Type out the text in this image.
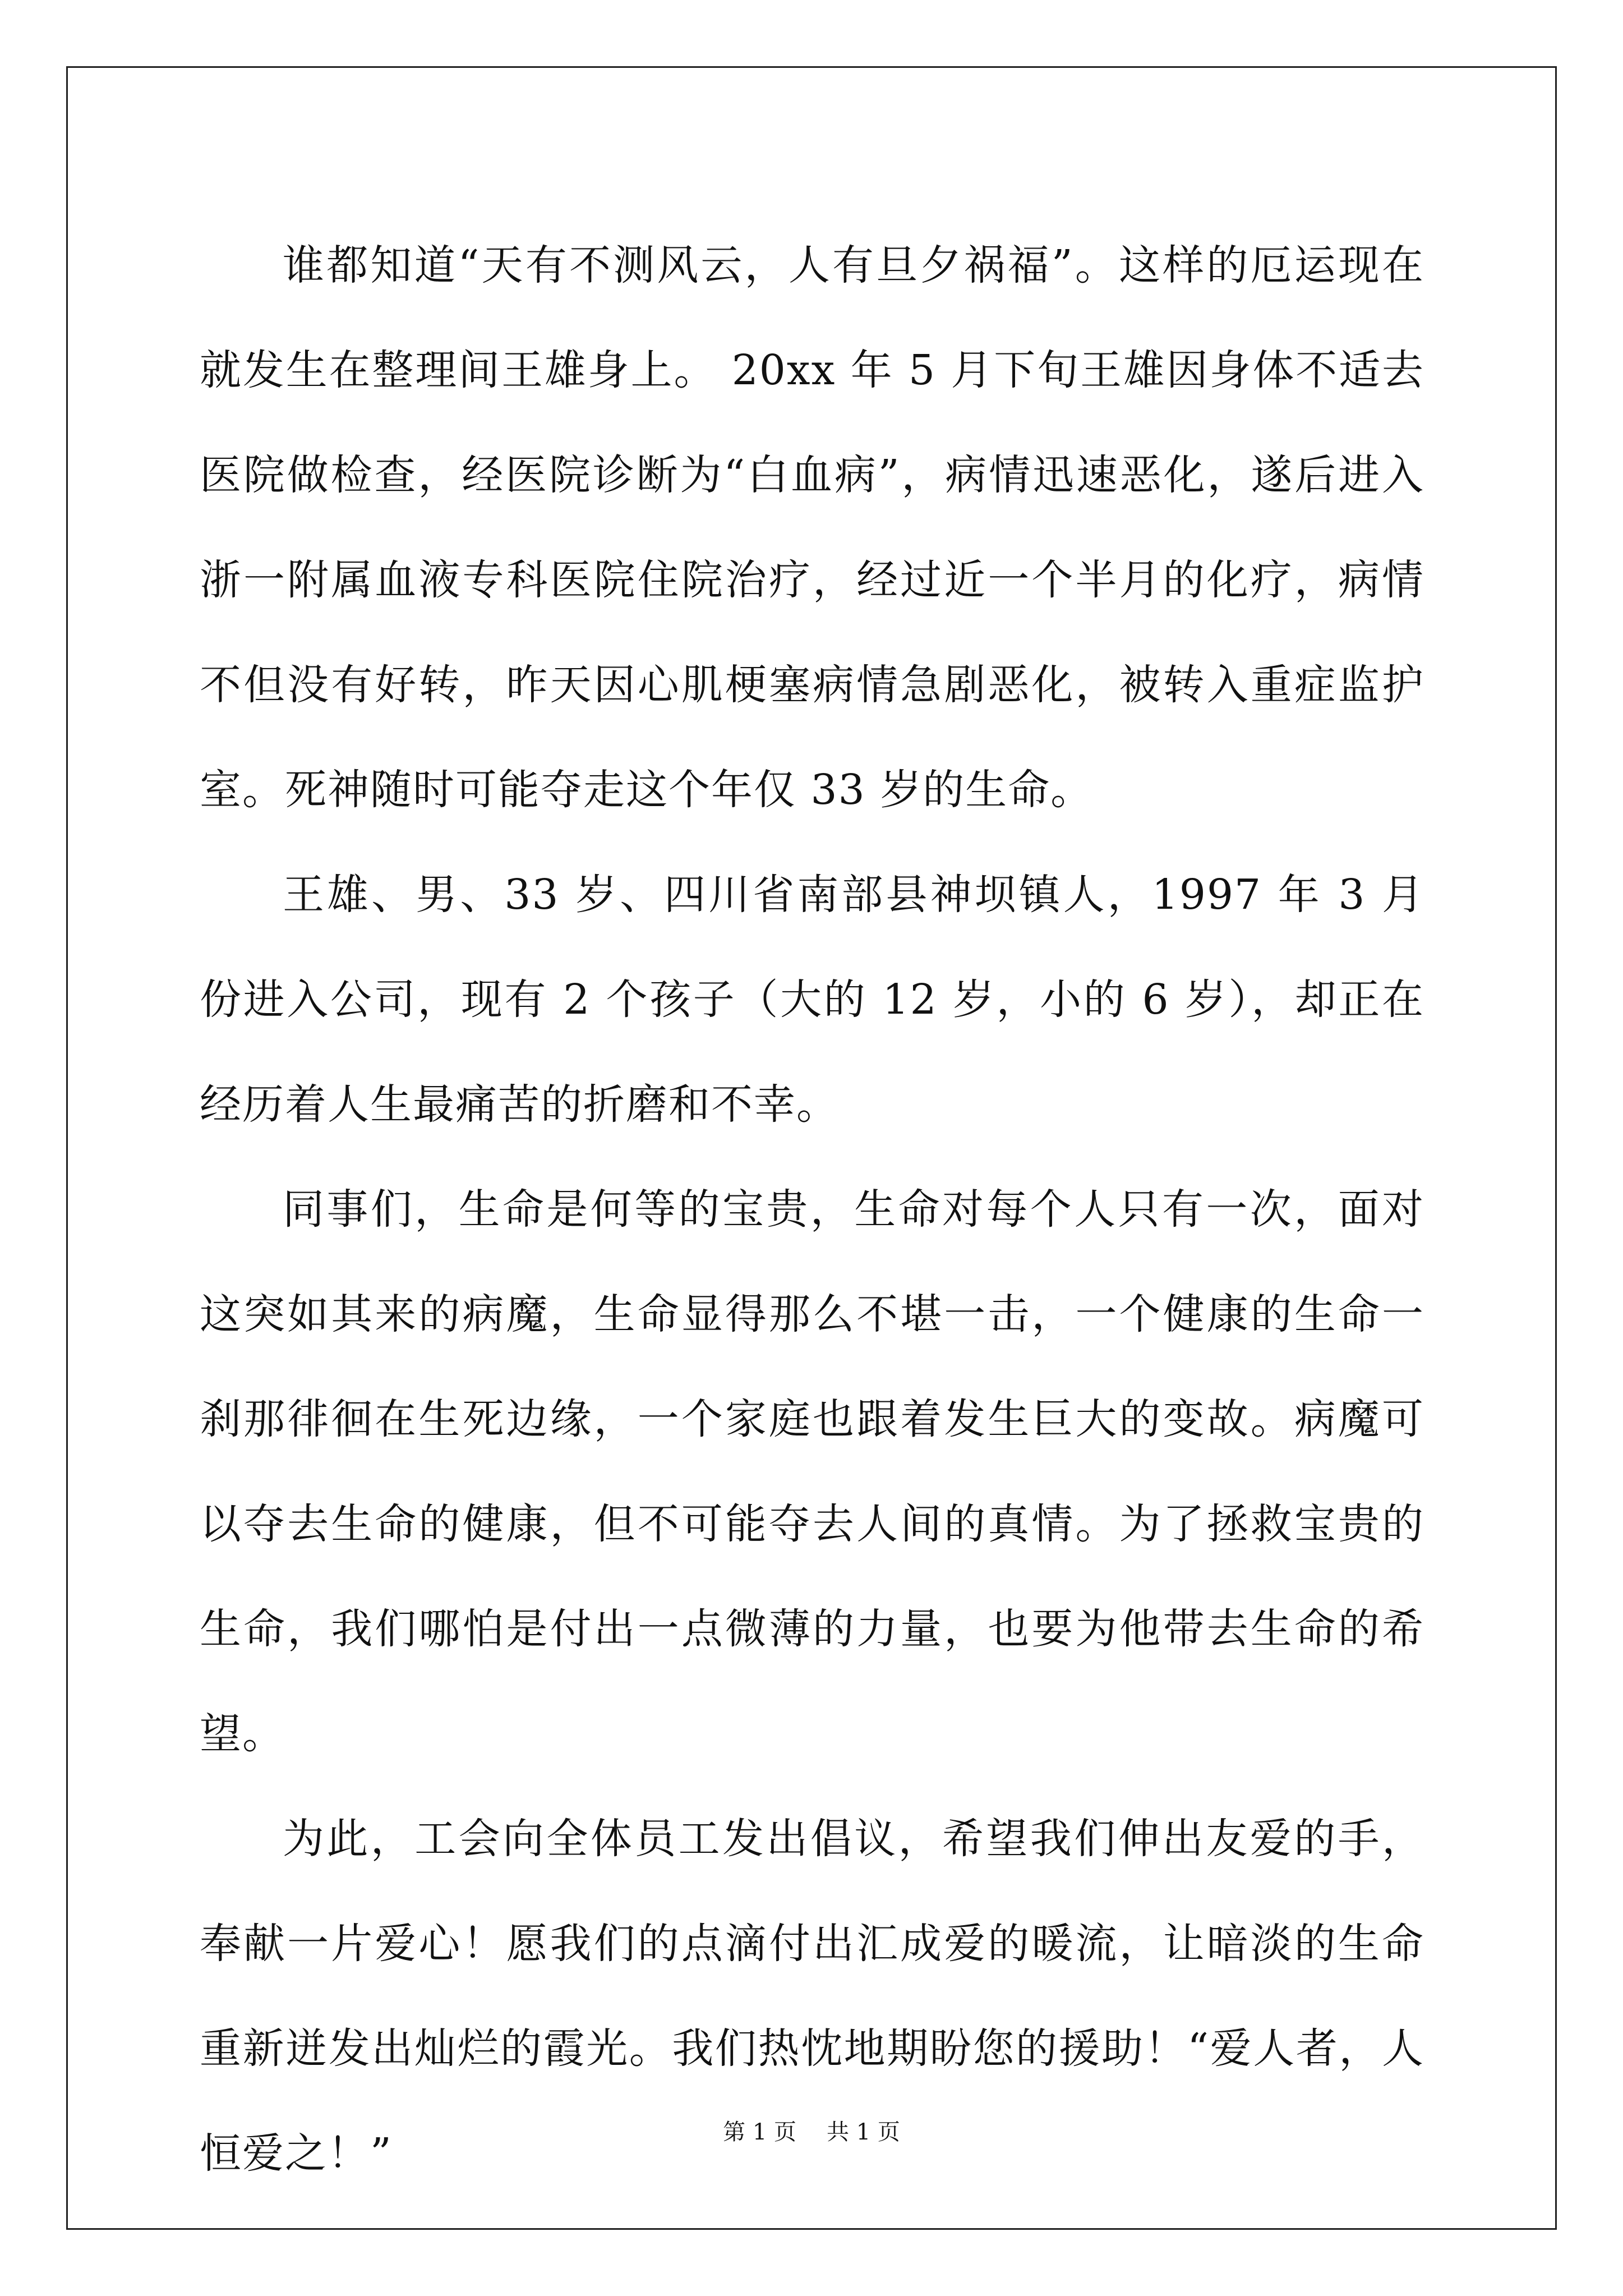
谁都知道“天有不测风云，人有旦夕祸福”。这样的厄运现在就发生在整理间王雄身上。 20xx 年 5 月下旬王雄因身体不适去医院做检查，经医院诊断为“白血病”，病情迅速恶化，遂后进入浙一附属血液专科医院住院治疗，经过近一个半月的化疗，病情不但没有好转，昨天因心肌梗塞病情急剧恶化，被转入重症监护室。死神随时可能夺走这个年仅 33 岁的生命。

王雄、男、33 岁、四川省南部县神坝镇人，1997 年 3 月份进入公司，现有 2 个孩子（大的 12 岁，小的 6 岁），却正在经历着人生最痛苦的折磨和不幸。

同事们，生命是何等的宝贵，生命对每个人只有一次，面对这突如其来的病魔，生命显得那么不堪一击，一个健康的生命一刹那徘徊在生死边缘，一个家庭也跟着发生巨大的变故。病魔可以夺去生命的健康，但不可能夺去人间的真情。为了拯救宝贵的生命，我们哪怕是付出一点微薄的力量，也要为他带去生命的希望。

为此，工会向全体员工发出倡议，希望我们伸出友爱的手，奉献一片爱心！愿我们的点滴付出汇成爱的暖流，让暗淡的生命重新迸发出灿烂的霞光。我们热忱地期盼您的援助！“爱人者，人恒爱之！”	第 1 页 共 1 页
